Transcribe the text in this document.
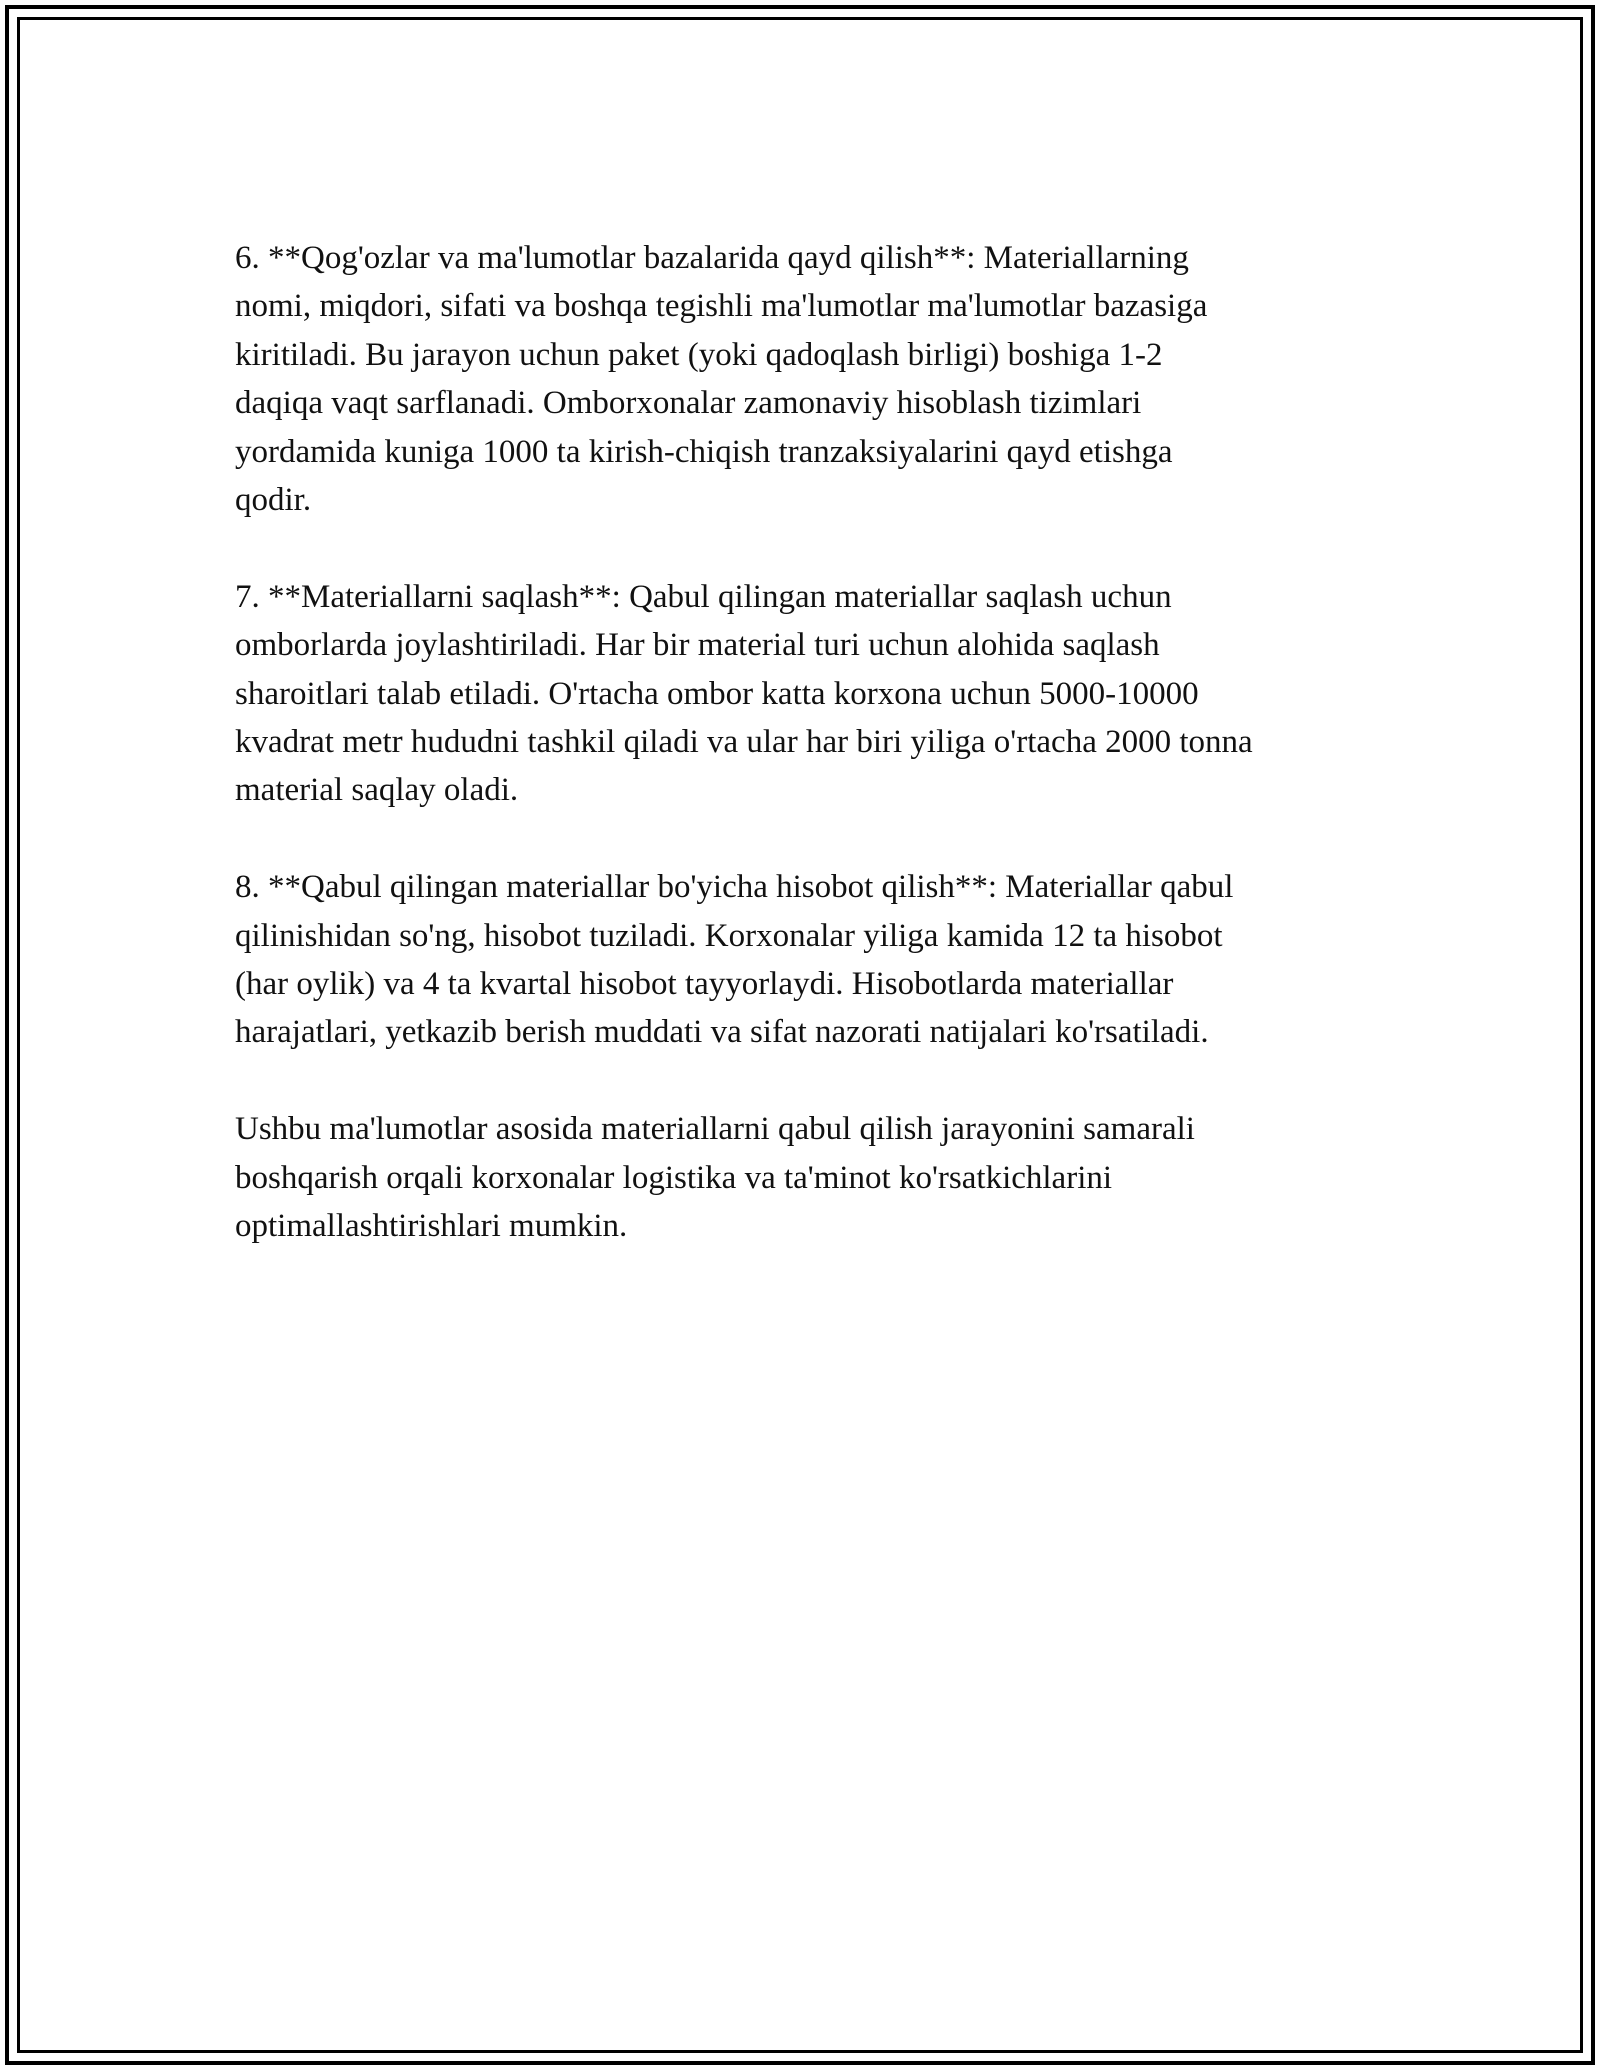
6. **Qog'ozlar va ma'lumotlar bazalarida qayd qilish**: Materiallarning
nomi, miqdori, sifati va boshqa tegishli ma'lumotlar ma'lumotlar bazasiga
kiritiladi. Bu jarayon uchun paket (yoki qadoqlash birligi) boshiga 1-2
daqiqa vaqt sarflanadi. Omborxonalar zamonaviy hisoblash tizimlari
yordamida kuniga 1000 ta kirish-chiqish tranzaksiyalarini qayd etishga
qodir.

7. **Materiallarni saqlash**: Qabul qilingan materiallar saqlash uchun
omborlarda joylashtiriladi. Har bir material turi uchun alohida saqlash
sharoitlari talab etiladi. O'rtacha ombor katta korxona uchun 5000-10000
kvadrat metr hududni tashkil qiladi va ular har biri yiliga o'rtacha 2000 tonna
material saqlay oladi.

8. **Qabul qilingan materiallar bo'yicha hisobot qilish**: Materiallar qabul
qilinishidan so'ng, hisobot tuziladi. Korxonalar yiliga kamida 12 ta hisobot
(har oylik) va 4 ta kvartal hisobot tayyorlaydi. Hisobotlarda materiallar
harajatlari, yetkazib berish muddati va sifat nazorati natijalari ko'rsatiladi.

Ushbu ma'lumotlar asosida materiallarni qabul qilish jarayonini samarali
boshqarish orqali korxonalar logistika va ta'minot ko'rsatkichlarini
optimallashtirishlari mumkin.
